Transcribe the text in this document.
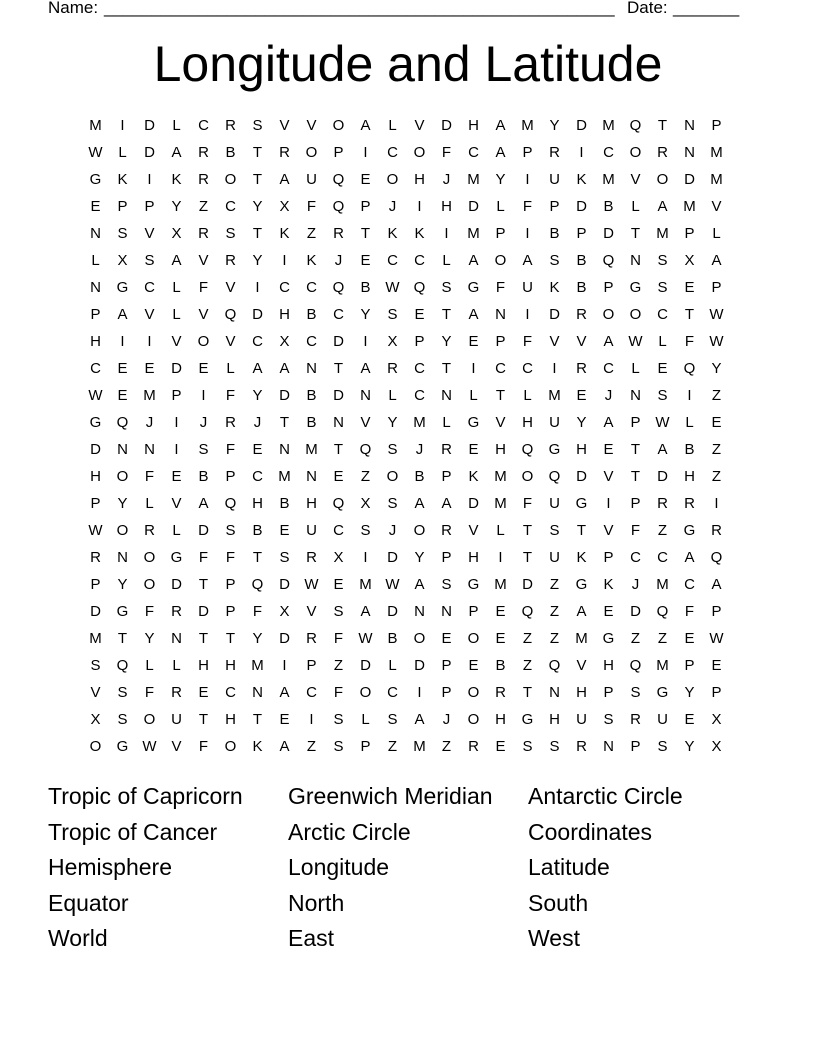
Name: ______________________________________________________ Date: _______
Longitude and Latitude
M	I	D	L	C	R	S	V	V	O	A	L	V	D	H	A	M	Y	D	M Q	T	N	P
W	L	D	A	R	B	T	R	O	P	I	C	O	F	C	A	P	R	I	C	O	R	N	M
G	K	I	K	R	O	T	A	U	Q	E	O	H	J	M	Y	I	U	K	M	V	O	D	M
E	P	P	Y	Z	C	Y	X	F	Q	P	J	I	H	D	L	F	P	D	B	L	A	M	V
N	S	V	X	R	S	T	K	Z	R	T	K	K	I	M	P	I	B	P	D	T	M	P	L
L	X	S	A	V	R	Y	I	K	J	E	C	C	L	A	O	A	S	B	Q	N	S	X	A
N	G	C	L	F	V	I	C	C	Q	B W Q	S	G	F	U	K	B	P	G	S	E	P
P	A	V	L	V	Q	D	H	B	C	Y	S	E	T	A	N	I	D	R	O	O	C	T	W
H	I	I	V	O	V	C	X	C	D	I	X	P	Y	E	P	F	V	V	A W	L	F	W
C	E	E	D	E	L	A	A	N	T	A	R	C	T	I	C	C	I	R	C	L	E	Q	Y
W E	M	P	I	F	Y	D	B	D	N	L	C	N	L	T	L	M	E	J	N	S	I	Z
G	Q	J	I	J	R	J	T	B	N	V	Y	M	L	G	V	H	U	Y	A	P W	L	E
D	N	N	I	S	F	E	N	M	T	Q	S	J	R	E	H	Q	G	H	E	T	A	B	Z
H	O	F	E	B	P	C	M	N	E	Z	O	B	P	K	M O	Q	D	V	T	D	H	Z
P	Y	L	V	A	Q	H	B	H	Q	X	S	A	A	D	M	F	U	G	I	P	R	R	I
W O	R	L	D	S	B	E	U	C	S	J	O	R	V	L	T	S	T	V	F	Z	G	R
R	N	O	G	F	F	T	S	R	X	I	D	Y	P	H	I	T	U	K	P	C	C	A	Q
P	Y	O	D	T	P	Q	D W E	M W A	S	G M	D	Z	G	K	J	M	C	A
D	G	F	R	D	P	F	X	V	S	A	D	N	N	P	E	Q	Z	A	E	D	Q	F	P
M	T	Y	N	T	T	Y	D	R	F	W B	O	E	O	E	Z	Z	M G	Z	Z	E W
S	Q	L	L	H	H	M	I	P	Z	D	L	D	P	E	B	Z	Q	V	H	Q M	P	E
V	S	F	R	E	C	N	A	C	F	O	C	I	P	O	R	T	N	H	P	S	G	Y	P
X	S	O	U	T	H	T	E	I	S	L	S	A	J	O	H	G	H	U	S	R	U	E	X
O	G W V	F	O	K	A	Z	S	P	Z	M	Z	R	E	S	S	R	N	P	S	Y	X
Tropic of Capricorn	Greenwich Meridian	Antarctic Circle
Tropic of Cancer	Arctic Circle	Coordinates
Hemisphere	Longitude	Latitude
Equator	North	South
World	East	West
